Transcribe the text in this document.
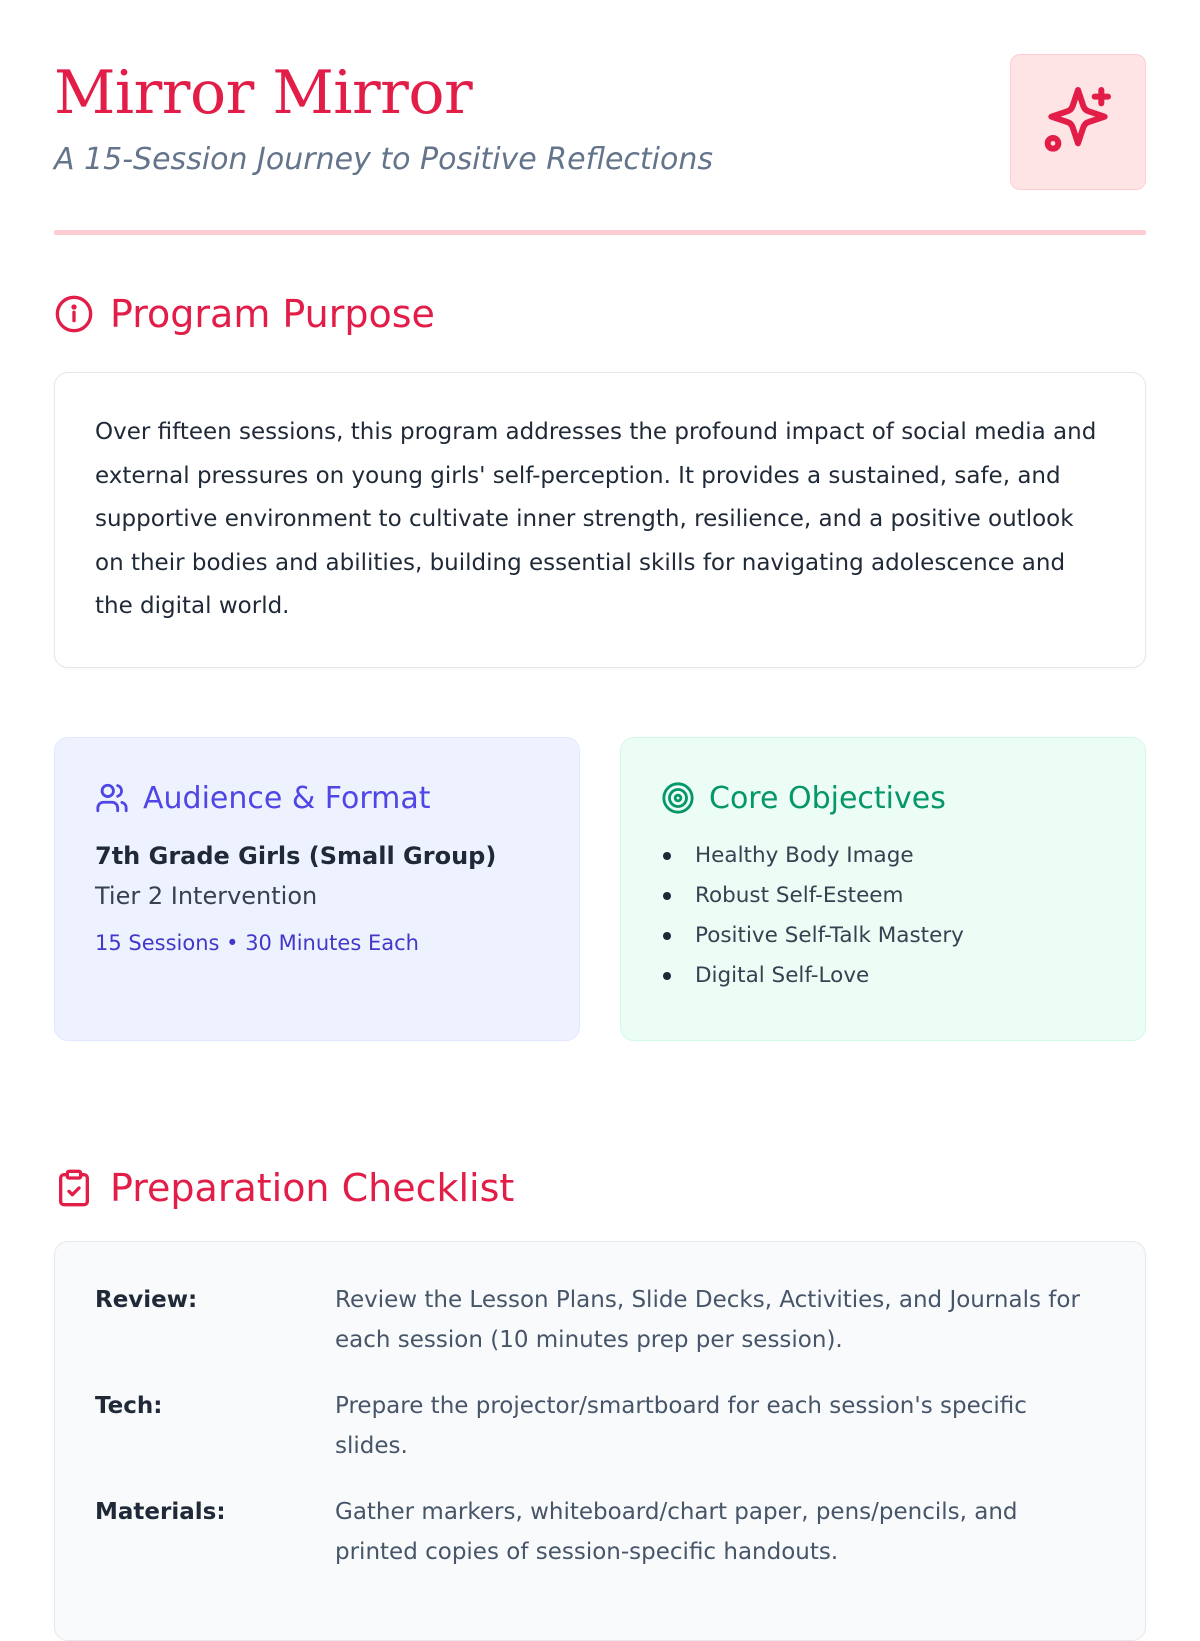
Mirror Mirror
A 15-Session Journey to Positive Reflections
Program Purpose

Over fifteen sessions, this program addresses the profound impact of social media and external pressures on young girls' self-perception. It provides a sustained, safe, and supportive environment to cultivate inner strength, resilience, and a positive outlook on their bodies and abilities, building essential skills for navigating adolescence and the digital world.

Audience & Format
7th Grade Girls (Small Group)
Tier 2 Intervention
15 Sessions • 30 Minutes Each
Core Objectives
Healthy Body Image
Robust Self-Esteem
Positive Self-Talk Mastery
Digital Self-Love
Preparation Checklist
Review:	Review the Lesson Plans, Slide Decks, Activities, and Journals for each session (10 minutes prep per session).
Tech:	Prepare the projector/smartboard for each session's specific slides.
Materials:	Gather markers, whiteboard/chart paper, pens/pencils, and printed copies of session-specific handouts.
